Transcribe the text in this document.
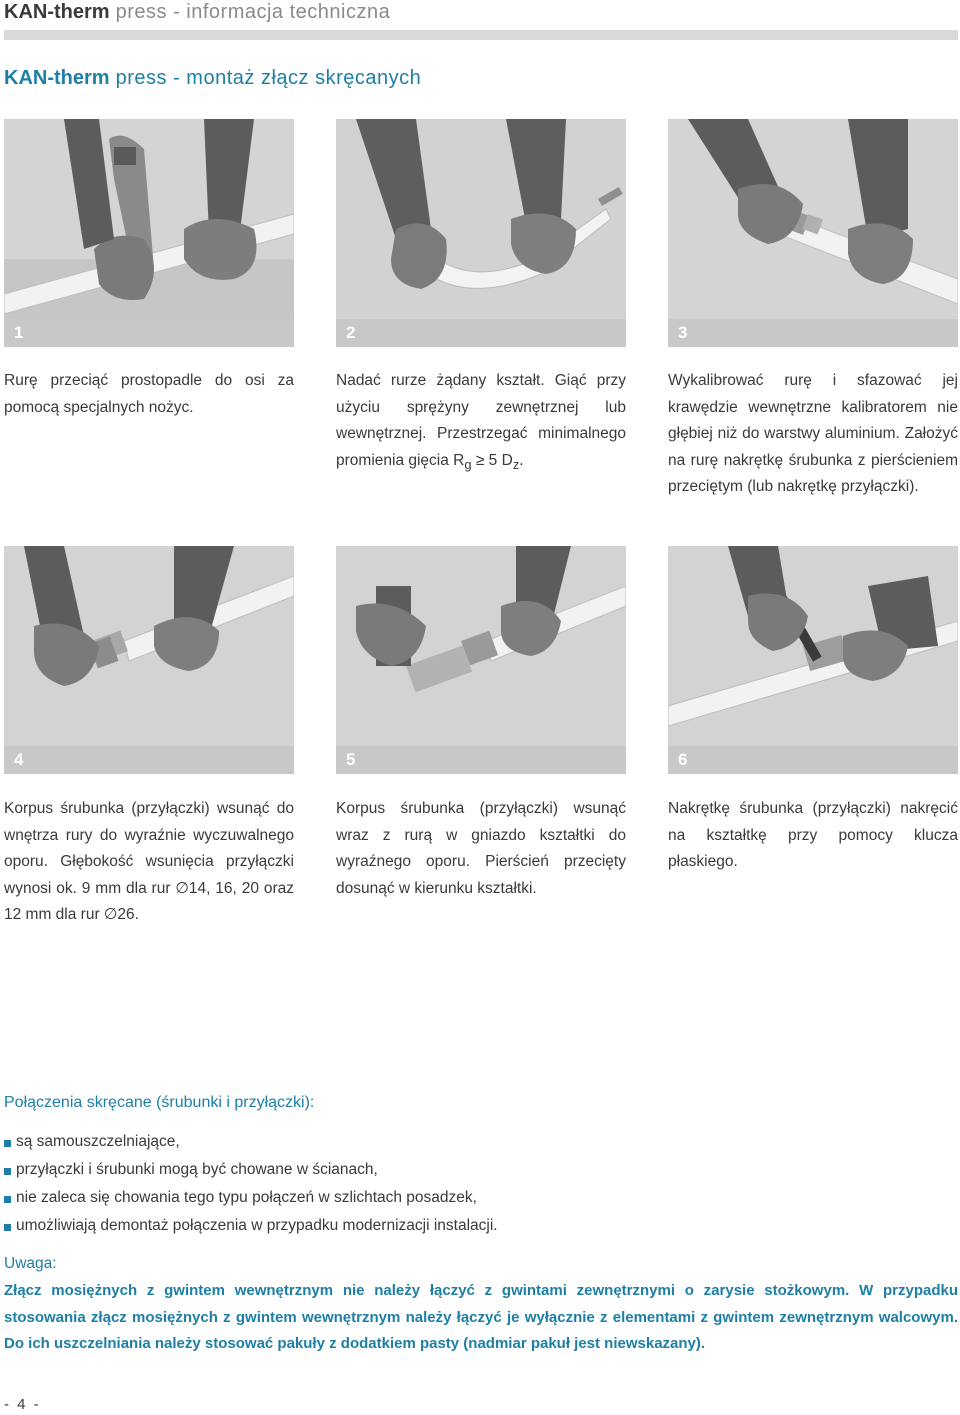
KAN-therm press - informacja techniczna
KAN-therm press - montaż złącz skręcanych
1	2	3
Rurę przeciąć prostopadle do osi za pomocą specjalnych nożyc.
Nadać rurze żądany kształt. Giąć przy użyciu sprężyny zewnętrznej lub wewnętrznej. Przestrzegać minimalnego promienia gięcia $R_g \ge 5$ $D_z$.
Wykalibrować rurę i sfazować jej krawędzie wewnętrzne kalibratorem nie głębiej niż do warstwy aluminium. Założyć na rurę nakrętkę śrubunka z pierścieniem przeciętym (lub nakrętkę przyłączki).
4	5	6
Korpus śrubunka (przyłączki) wsunąć do wnętrza rury do wyraźnie wyczuwalnego oporu. Głębokość wsunięcia przyłączki wynosi ok. 9 mm dla rur ∅14, 16, 20 oraz 12 mm dla rur ∅26.
Korpus śrubunka (przyłączki) wsunąć wraz z rurą w gniazdo kształtki do wyraźnego oporu. Pierścień przecięty dosunąć w kierunku kształtki.
Nakrętkę śrubunka (przyłączki) nakręcić na kształtkę przy pomocy klucza płaskiego.
Połączenia skręcane (śrubunki i przyłączki):
są samouszczelniające,
przyłączki i śrubunki mogą być chowane w ścianach,
nie zaleca się chowania tego typu połączeń w szlichtach posadzek,
umożliwiają demontaż połączenia w przypadku modernizacji instalacji.
Uwaga:
Złącz mosiężnych z gwintem wewnętrznym nie należy łączyć z gwintami zewnętrznymi o zarysie stożkowym. W przypadku stosowania złącz mosiężnych z gwintem wewnętrznym należy łączyć je wyłącznie z elementami z gwintem zewnętrznym walcowym. Do ich uszczelniania należy stosować pakuły z dodatkiem pasty (nadmiar pakuł jest niewskazany).
- 4 -
